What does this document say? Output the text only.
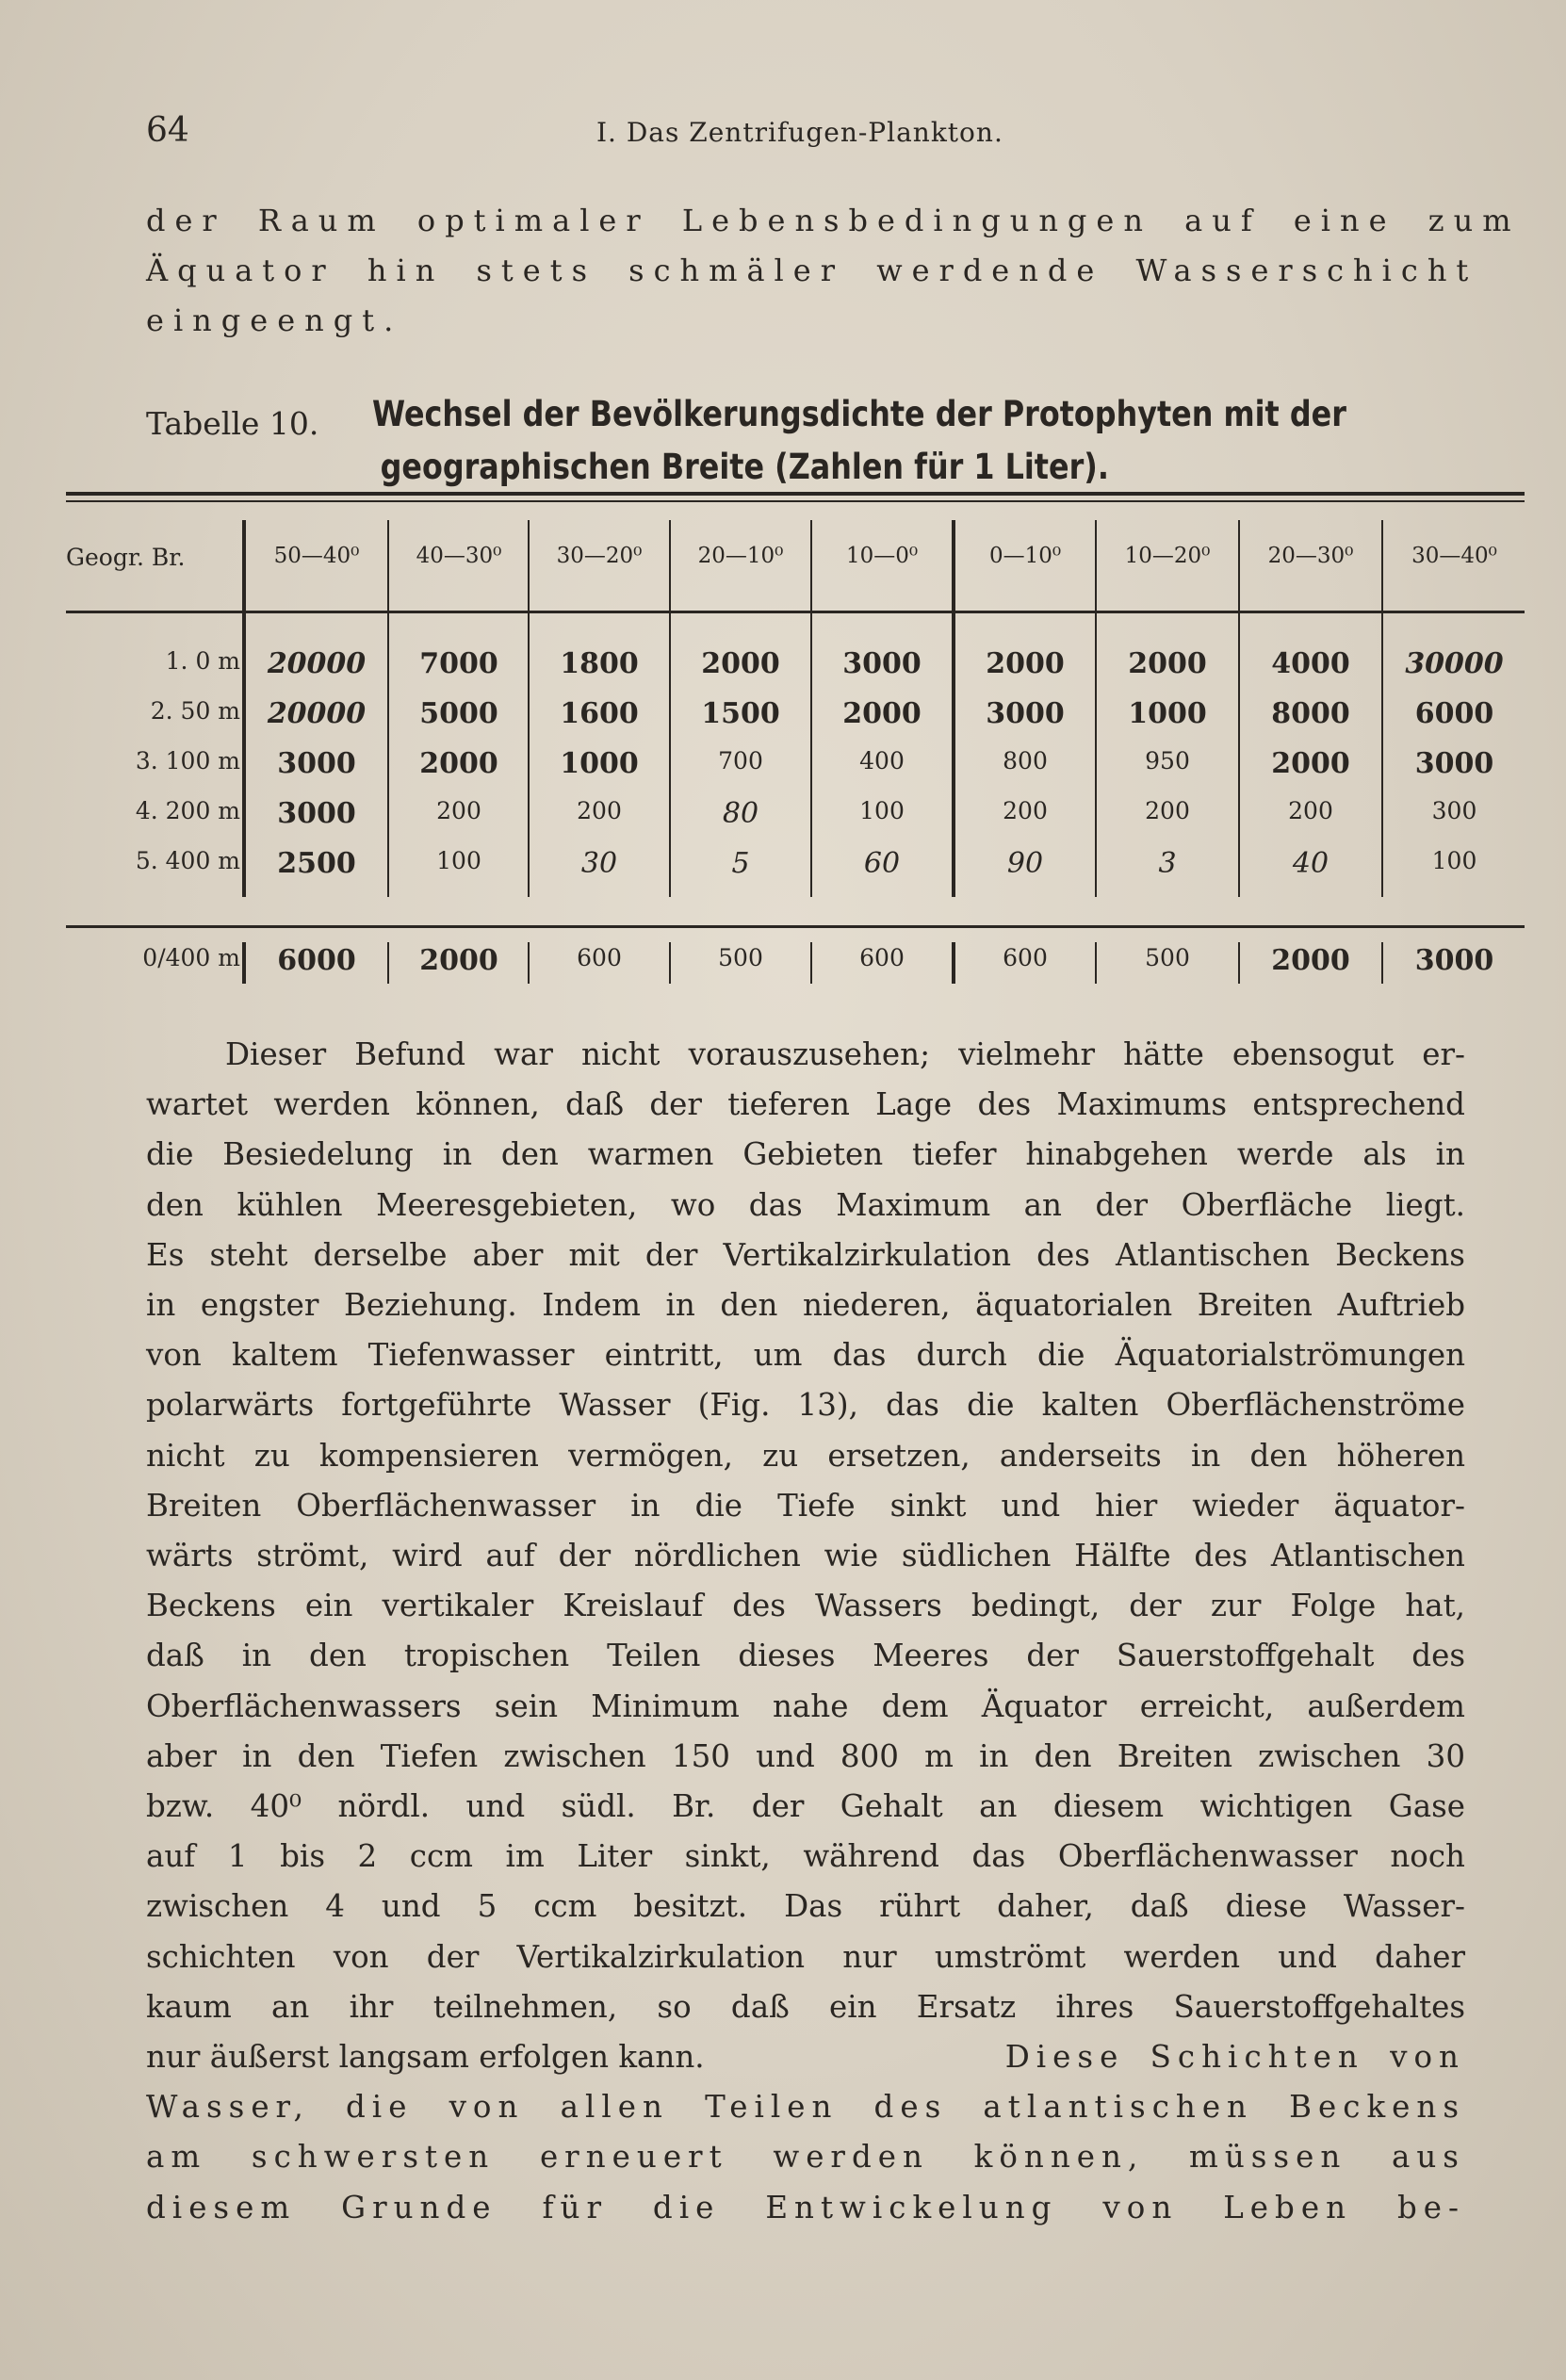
64	I. Das Zentrifugen-Plankton.
der Raum optimaler Lebensbedingungen auf eine zum
Äquator hin stets schmäler werdende Wasserschicht
eingeengt.
Tabelle 10. Wechsel der Bevölkerungsdichte der Protophyten mit der
geographischen Breite (Zahlen für 1 Liter).
Geogr. Br.	50—40⁰	40—30⁰	30—20⁰	20—10⁰	10—0⁰	0—10⁰	10—20⁰	20—30⁰	30—40⁰
1. 0 m 20000	7000	1800	2000	3000	2000	2000	4000	30000
2. 50 m 20000	5000	1600	1500	2000	3000	1000	8000	6000
3. 100 m	3000	2000	1000	700	400	800	950	2000	3000
4. 200 m	3000	200	200	80	100	200	200	200	300
5. 400 m	2500	100	30	5	60	90	3	40	100
0/400 m	6000	2000	600	500	600	600	500	2000	3000
Dieser Befund war nicht vorauszusehen; vielmehr hätte ebensogut er-
wartet werden können, daß der tieferen Lage des Maximums entsprechend
die Besiedelung in den warmen Gebieten tiefer hinabgehen werde als in
den kühlen Meeresgebieten, wo das Maximum an der Oberfläche liegt.
Es steht derselbe aber mit der Vertikalzirkulation des Atlantischen Beckens
in engster Beziehung. Indem in den niederen, äquatorialen Breiten Auftrieb
von kaltem Tiefenwasser eintritt, um das durch die Äquatorialströmungen
polarwärts fortgeführte Wasser (Fig. 13), das die kalten Oberflächenströme
nicht zu kompensieren vermögen, zu ersetzen, anderseits in den höheren
Breiten Oberflächenwasser in die Tiefe sinkt und hier wieder äquator-
wärts strömt, wird auf der nördlichen wie südlichen Hälfte des Atlantischen
Beckens ein vertikaler Kreislauf des Wassers bedingt, der zur Folge hat,
daß in den tropischen Teilen dieses Meeres der Sauerstoffgehalt des
Oberflächenwassers sein Minimum nahe dem Äquator erreicht, außerdem
aber in den Tiefen zwischen 150 und 800 m in den Breiten zwischen 30
bzw. 40⁰ nördl. und südl. Br. der Gehalt an diesem wichtigen Gase
auf 1 bis 2 ccm im Liter sinkt, während das Oberflächenwasser noch
zwischen 4 und 5 ccm besitzt. Das rührt daher, daß diese Wasser-
schichten von der Vertikalzirkulation nur umströmt werden und daher
kaum an ihr teilnehmen, so daß ein Ersatz ihres Sauerstoffgehaltes
nur äußerst langsam erfolgen kann.	Diese Schichten von
Wasser, die von allen Teilen des atlantischen Beckens
am schwersten erneuert werden können, müssen aus
diesem Grunde für die Entwickelung von Leben be-
